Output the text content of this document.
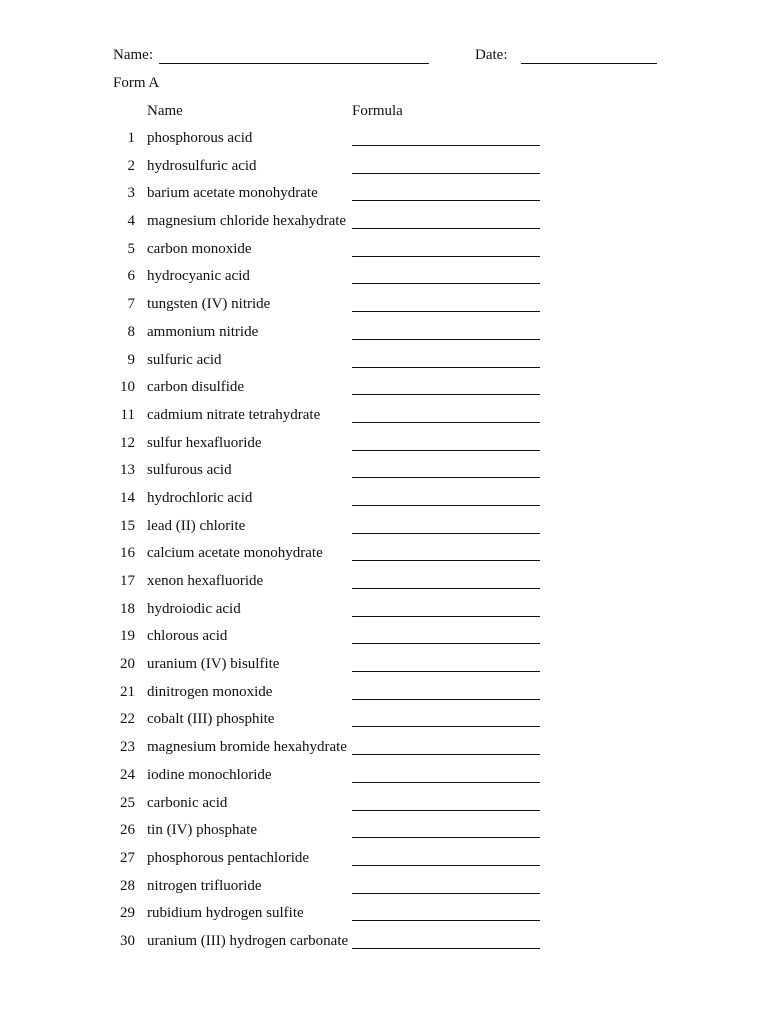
Name:	Date:
Form A
Name	Formula
1 phosphorous acid
2 hydrosulfuric acid
3 barium acetate monohydrate
4 magnesium chloride hexahydrate
5 carbon monoxide
6 hydrocyanic acid
7 tungsten (IV) nitride
8 ammonium nitride
9 sulfuric acid
10 carbon disulfide
11 cadmium nitrate tetrahydrate
12 sulfur hexafluoride
13 sulfurous acid
14 hydrochloric acid
15 lead (II) chlorite
16 calcium acetate monohydrate
17 xenon hexafluoride
18 hydroiodic acid
19 chlorous acid
20 uranium (IV) bisulfite
21 dinitrogen monoxide
22 cobalt (III) phosphite
23 magnesium bromide hexahydrate
24 iodine monochloride
25 carbonic acid
26 tin (IV) phosphate
27 phosphorous pentachloride
28 nitrogen trifluoride
29 rubidium hydrogen sulfite
30 uranium (III) hydrogen carbonate
